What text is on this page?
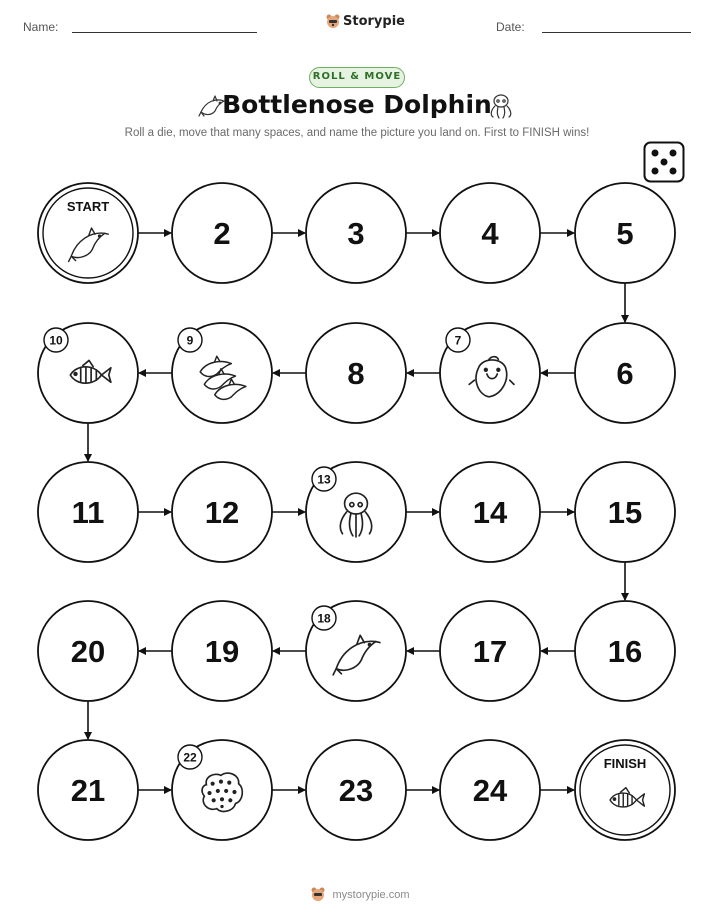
Name:	Storypie	Date:
ROLL & MOVE
Bottlenose Dolphin
Roll a die, move that many spaces, and name the picture you land on. First to FINISH wins!
START
2	3	4	5
6
7
8
9
10
11	12
13
14	15
16
17
18
19
20
21
22
23	24
FINISH
mystorypie.com
